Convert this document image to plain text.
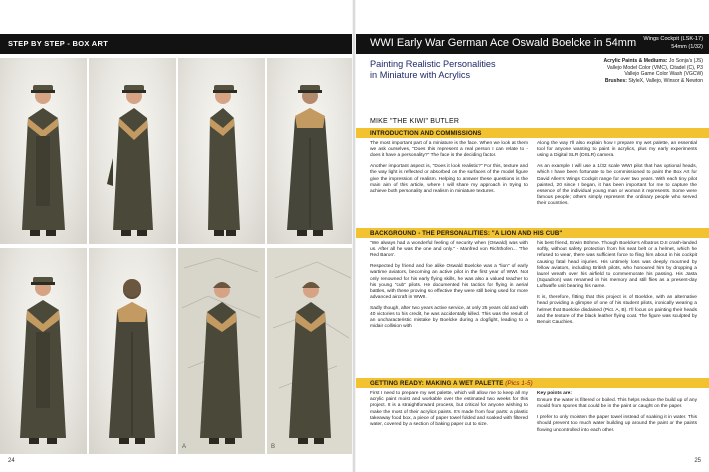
STEP BY STEP - BOX ART
A	B
24
WWI Early War German Ace Oswald Boelcke in 54mm Wings Cockpit (LSK-17)
54mm (1/32)
Painting Realistic Personalities
in Miniature with Acrylics
Acrylic Paints & Mediums: Jo Sonja's (JS)
Vallejo Model Color (VMC), Citadel (C), P3
Vallejo Game Color Wash (VGCW)
Brushes: StyleX, Vallejo, Winsor & Newton
MIKE "THE KIWI" BUTLER
INTRODUCTION AND COMMISSIONS

The most important part of a miniature is the face. When we look at them we ask ourselves, "Does this represent a real person I can relate to - does it have a personality?" The face is the deciding factor.

Another important aspect is, "Does it look realistic?" For this, texture and the way light is reflected or absorbed on the surfaces of the model figure give the impression of realism. Helping to answer these questions is the main aim of this article, where I will share my approach in trying to achieve both personality and realism in miniature textures.

Along the way I'll also explain how I prepare my wet palette, an essential tool for anyone wanting to paint in acrylics, plus my early experiments using a Digital SLR (DSLR) camera.

As an example I will use a 1/32 scale WWI pilot that has optional heads, which I have been fortunate to be commissioned to paint the Box Art for David Allen's Wings Cockpit range for over two years. With each tiny pilot painted, 20 since I began, it has been important for me to capture the essence of the individual young man or woman it represents. Some were famous people; others simply represent the ordinary people who served their countries.

BACKGROUND - THE PERSONALITIES: "A LION AND HIS CUB"

"We always had a wonderful feeling of security when (Oswald) was with us. After all he was the one and only." - Manfred von Richthofen... 'The Red Baron'.

Respected by friend and foe alike Oswald Boelcke was a "lion" of early wartime aviators, becoming an active pilot in the first year of WWI. Not only renowned for his early flying skills, he was also a valued teacher to his young "cub" pilots. He documented his tactics for flying in aerial battles, with these proving so effective they were still being used for more advanced aircraft in WWII.

Sadly though, after two years active service, at only 25 years old and with 40 victories to his credit, he was accidentally killed. This was the result of an uncharacteristic mistake by Boelcke during a dogfight, leading to a midair collision with

his best friend, Erwin Böhme. Though Boelcke's Albatros D.II crash-landed softly, without safety protection from his seat belt or a helmet, which he refused to wear, there was sufficient force to fling him about in his cockpit causing fatal head injuries. His untimely loss was deeply mourned by fellow aviators, including British pilots, who honoured him by dropping a laurel wreath over his airfield to commemorate his passing. His Jasta (Squadron) was renamed in his memory and still flies as a present-day Luftwaffe unit bearing his name.

It is, therefore, fitting that this project is of Boelcke, with an alternative head providing a glimpse of one of his student pilots, ironically wearing a helmet that Boelcke disdained (Pict. A, B). I'll focus on painting their heads and the texture of the black leather flying coat. The figure was sculpted by Benoit Cauchies.

GETTING READY: MAKING A WET PALETTE (Pics 1-5)

First I need to prepare my wet palette, which will allow me to keep all my acrylic paint moist and workable over the estimated two weeks for this project. It is a straightforward process, but critical for anyone wishing to make the most of their acrylics paints. It's made from four parts: a plastic takeaway food box, a piece of paper towel folded and soaked with filtered water, covered by a section of baking paper cut to size.

Key points are:

Ensure the water is filtered or boiled. This helps reduce the build up of any mould from spores that could be in the paint or caught on the paper.

I prefer to only moisten the paper towel instead of soaking it in water. This should prevent too much water building up around the paint or the paints flowing uncontrolled into each other.

25
